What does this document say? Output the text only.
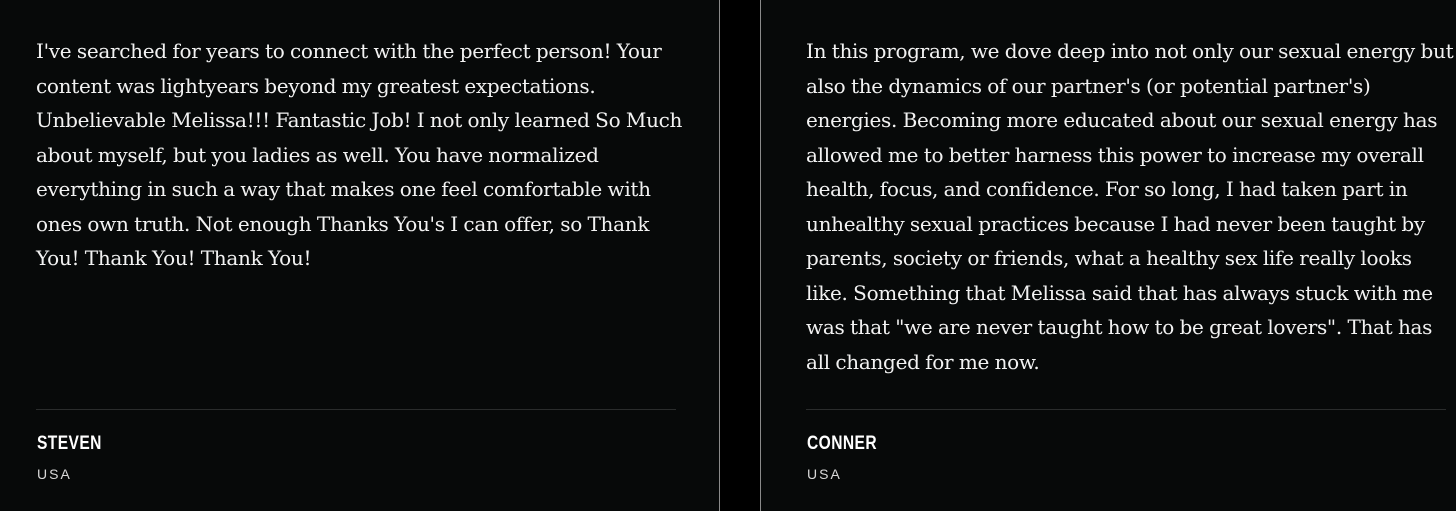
I've searched for years to connect with the perfect person! Your content was lightyears beyond my greatest expectations. Unbelievable Melissa!!! Fantastic Job! I not only learned So Much about myself, but you ladies as well. You have normalized everything in such a way that makes one feel comfortable with ones own truth. Not enough Thanks You's I can offer, so Thank You! Thank You! Thank You!

STEVEN
USA

In this program, we dove deep into not only our sexual energy but also the dynamics of our partner's (or potential partner's) energies. Becoming more educated about our sexual energy has allowed me to better harness this power to increase my overall health, focus, and confidence. For so long, I had taken part in unhealthy sexual practices because I had never been taught by parents, society or friends, what a healthy sex life really looks like. Something that Melissa said that has always stuck with me was that "we are never taught how to be great lovers". That has all changed for me now.

CONNER
USA
